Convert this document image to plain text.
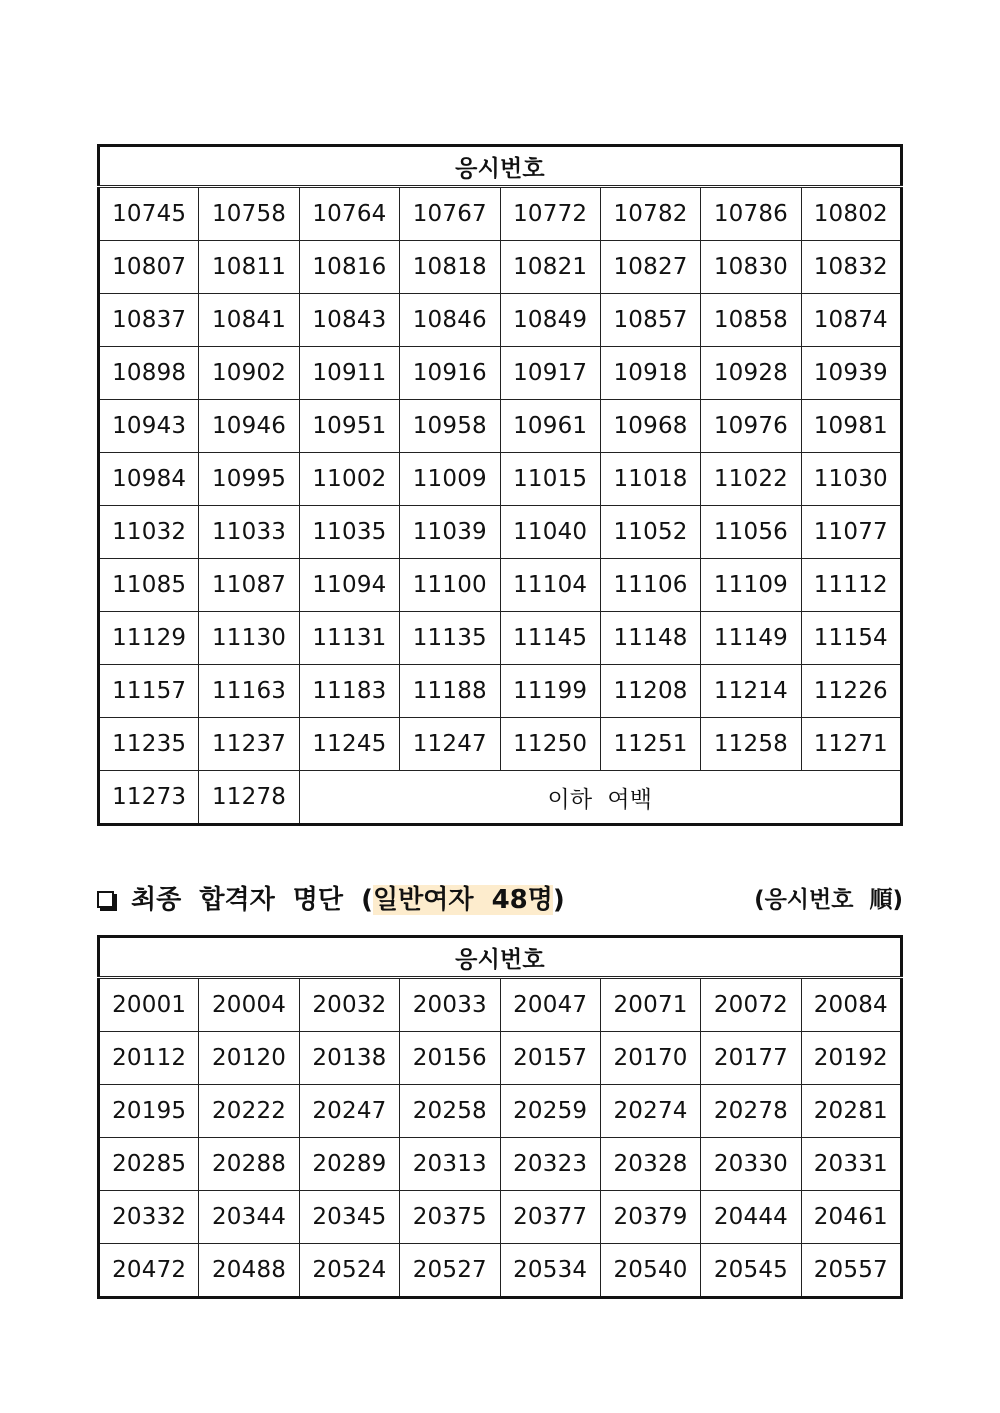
응시번호							
10745	10758	10764	10767	10772	10782	10786	10802
10807	10811	10816	10818	10821	10827	10830	10832
10837	10841	10843	10846	10849	10857	10858	10874
10898	10902	10911	10916	10917	10918	10928	10939
10943	10946	10951	10958	10961	10968	10976	10981
10984	10995	11002	11009	11015	11018	11022	11030
11032	11033	11035	11039	11040	11052	11056	11077
11085	11087	11094	11100	11104	11106	11109	11112
11129	11130	11131	11135	11145	11148	11149	11154
11157	11163	11183	11188	11199	11208	11214	11226
11235	11237	11245	11247	11250	11251	11258	11271
11273	11278	이하  여백					
최종  합격자  명단  (일반여자  48명)	(응시번호  順)
응시번호							
20001	20004	20032	20033	20047	20071	20072	20084
20112	20120	20138	20156	20157	20170	20177	20192
20195	20222	20247	20258	20259	20274	20278	20281
20285	20288	20289	20313	20323	20328	20330	20331
20332	20344	20345	20375	20377	20379	20444	20461
20472	20488	20524	20527	20534	20540	20545	20557
